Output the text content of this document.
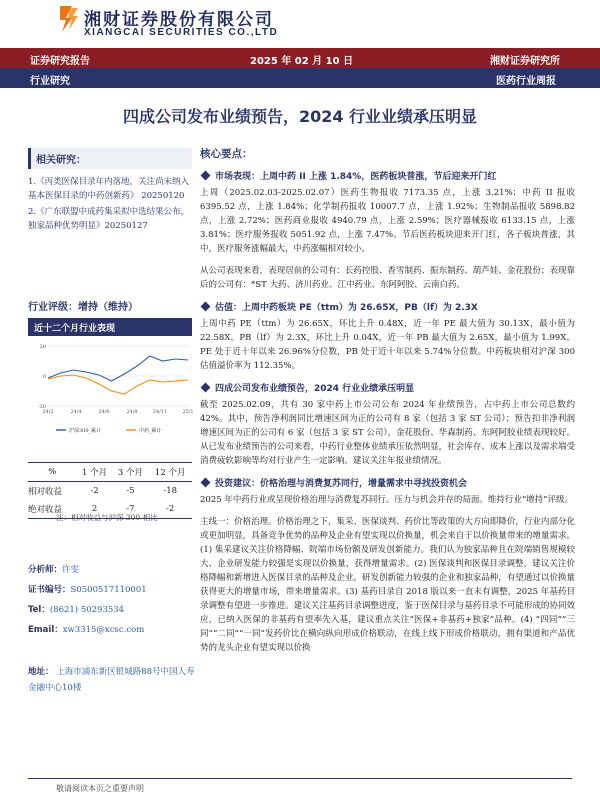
湘财证券股份有限公司
XIANGCAI SECURITIES CO.,LTD
证券研究报告	2025 年 02 月 10 日	湘财证券研究所
行业研究	医药行业周报
四成公司发布业绩预告，2024 行业业绩承压明显
相关研究：
1.《丙类医保目录年内落地，关注尚未纳入基本医保目录的中药创新药》 20250120
2.《广东联盟中成药集采拟中选结果公布，独家品种优势明显》20250127
行业评级：增持（维持）
近十二个月行业表现
-30
0
30
24/2	24/4	24/6	24/8	24/11	25/1
沪深300_累计	中药_累计
%	1 个月	3 个月	12 个月
相对收益	-2	-5	-18
绝对收益	2	-7	-2
注：相对收益与沪深 300 相比
分析师：许雯
证书编号：S0500517110001
Tel：(8621) 50293534
Email：xw3315@xcsc.com
地址： 上海市浦东新区银城路88号中国人寿金融中心10楼
核心要点：
市场表现：上周中药 II 上涨 1.84%，医药板块普涨，节后迎来开门红
上周（2025.02.03-2025.02.07）医药生物报收 7173.35 点，上涨 3.21%；中药 II 报收 6395.52 点，上涨 1.84%；化学制药报收 10007.7 点，上涨 1.92%；生物制品报收 5898.82 点，上涨 2.72%；医药商业报收 4940.79 点，上涨 2.59%；医疗器械报收 6133.15 点，上涨 3.81%；医疗服务报收 5051.92 点，上涨 7.47%。节后医药板块迎来开门红，各子板块普涨，其中，医疗服务涨幅最大，中药涨幅相对较小。
从公司表现来看，表现居前的公司有：长药控股、香雪制药、振东制药、葫芦娃、金花股份；表现靠后的公司有：*ST 大药、济川药业、江中药业、东阿阿胶、云南白药。
估值：上周中药板块 PE（ttm）为 26.65X，PB（lf）为 2.3X
上周中药 PE（ttm）为 26.65X，环比上升 0.48X，近一年 PE 最大值为 30.13X，最小值为 22.58X。PB（lf）为 2.3X，环比上升 0.04X，近一年 PB 最大值为 2.65X，最小值为 1.99X。PE 处于近十年以来 26.96%分位数，PB 处于近十年以来 5.74%分位数。中药板块相对沪深 300 估值溢价率为 112.35%。
四成公司发布业绩预告，2024 行业业绩承压明显
截至 2025.02.09，共有 30 家中药上市公司公布 2024 年业绩预告，占中药上市公司总数约 42%。其中，预告净利润同比增速区间为正的公司有 8 家（包括 3 家 ST 公司）；预告扣非净利润增速区间为正的公司有 6 家（包括 3 家 ST 公司），金花股份、华森制药、东阿阿胶业绩表现较好。从已发布业绩预告的公司来看，中药行业整体业绩承压依然明显，社会库存、成本上涨以及需求端受消费疲软影响等均对行业产生一定影响。建议关注年报业绩情况。
投资建议：价格治理与消费复苏同行，增量需求中寻找投资机会
2025 年中药行业或呈现价格治理与消费复苏同行。压力与机会并存的局面。维持行业“增持”评级。
主线一：价格治理。价格治理之下，集采、医保谈判、药价比等政策的大方向即降价，行业内部分化或更加明显，具备竞争优势的品种及企业有望实现以价换量，机会来自于以价换量带来的增量需求。(1) 集采建议关注价格降幅、院端市场份额及研发创新能力。我们认为独家品种且在院端销售规模较大、企业研发能力较强是实现以价换量，获得增量需求。(2) 医保谈判和医保目录调整，建议关注价格降幅和新增进入医保目录的品种及企业。研发创新能力较强的企业和独家品种，有望通过以价换量获得更大的增量市场，带来增量需求。(3) 基药目录自 2018 版以来一直未有调整，2025 年基药目录调整有望进一步推进。建议关注基药目录调整进度，鉴于医保目录与基药目录不可能形成的协同效应，已纳入医保的非基药有望率先入基，建议重点关注“医保+非基药+独家”品种。(4) “四同”“三同”“二同”“一同”发药价比在横向纵向形成价格联动，在线上线下形成价格联动，拥有渠道和产品优势的龙头企业有望实现以价换
敬请阅读本页之重要声明
